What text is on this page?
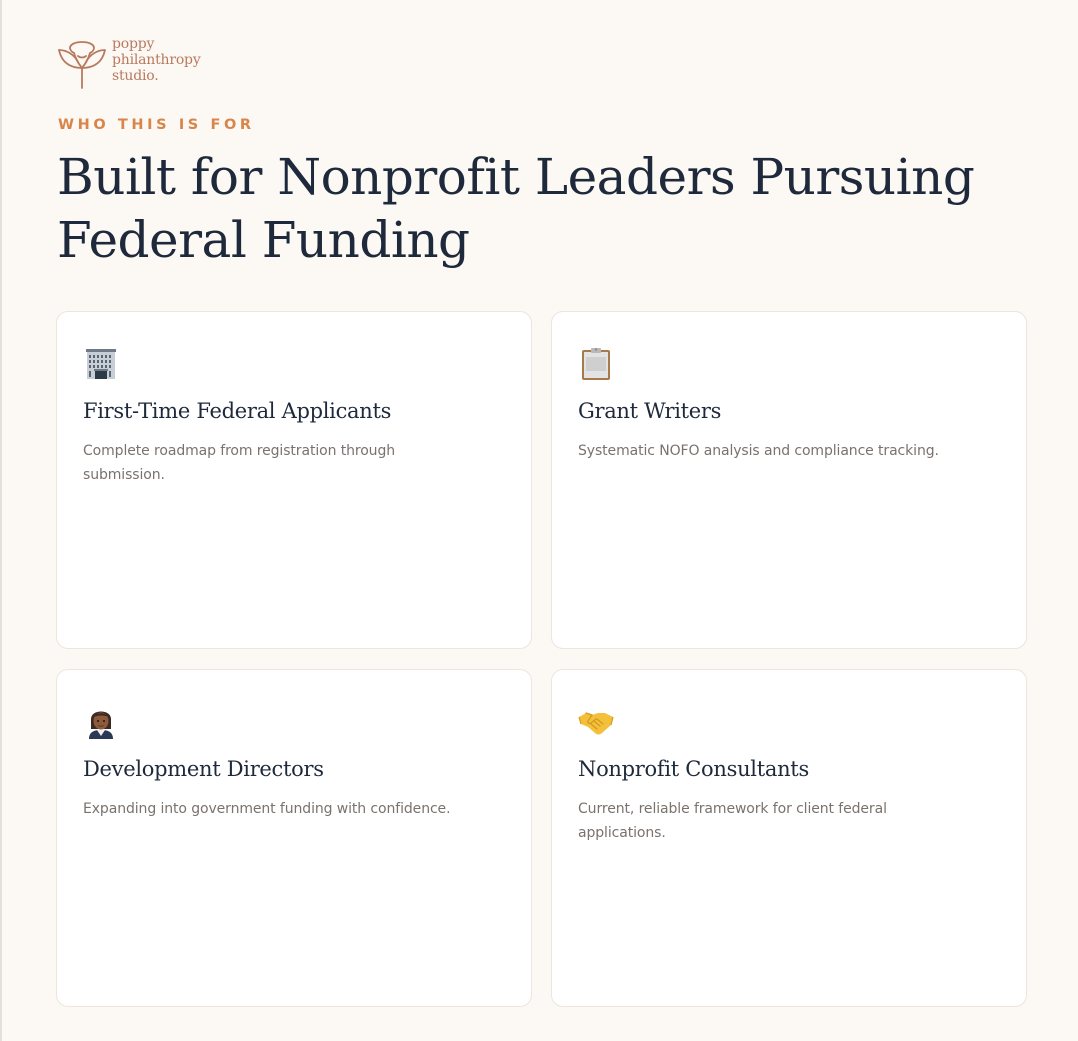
poppy
philanthropy
studio.
WHO THIS IS FOR
Built for Nonprofit Leaders Pursuing
Federal Funding
First-Time Federal Applicants

Complete roadmap from registration through submission.

Grant Writers

Systematic NOFO analysis and compliance tracking.

Development Directors

Expanding into government funding with confidence.

Nonprofit Consultants

Current, reliable framework for client federal applications.
